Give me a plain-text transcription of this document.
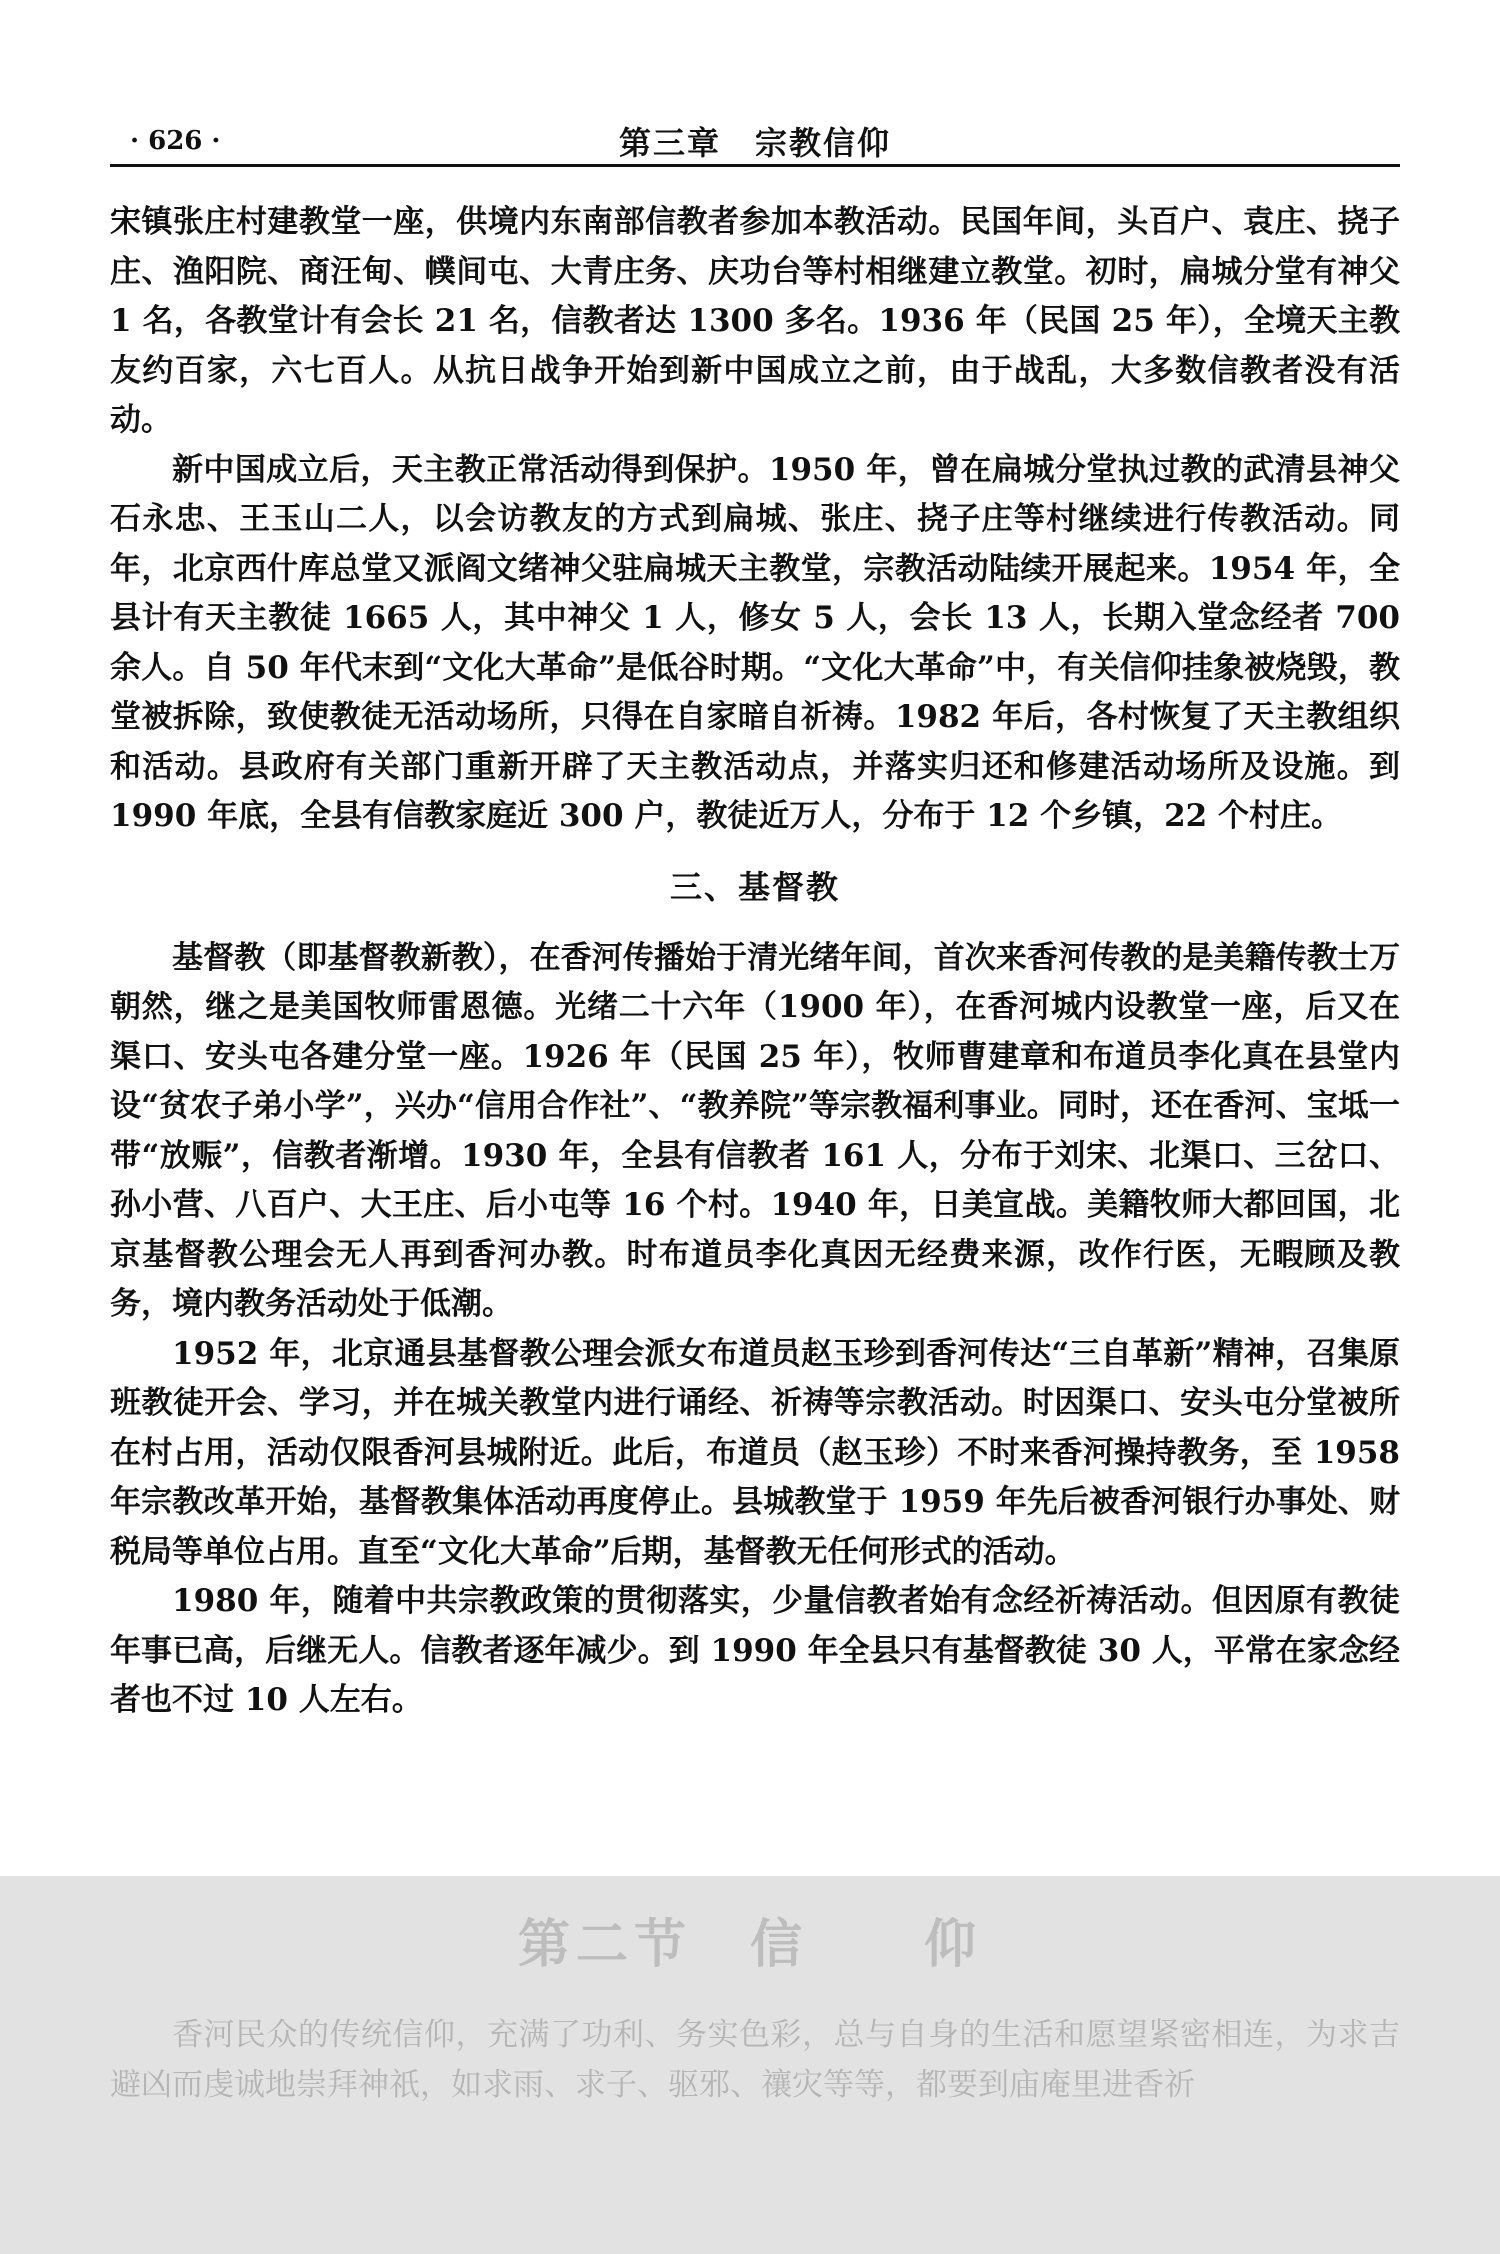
· 626 ·	第三章　宗教信仰

宋镇张庄村建教堂一座，供境内东南部信教者参加本教活动。民国年间，头百户、袁庄、挠子庄、渔阳院、商汪甸、幞间屯、大青庄务、庆功台等村相继建立教堂。初时，扁城分堂有神父 1 名，各教堂计有会长 21 名，信教者达 1300 多名。1936 年（民国 25 年），全境天主教友约百家，六七百人。从抗日战争开始到新中国成立之前，由于战乱，大多数信教者没有活动。

新中国成立后，天主教正常活动得到保护。1950 年，曾在扁城分堂执过教的武清县神父石永忠、王玉山二人，以会访教友的方式到扁城、张庄、挠子庄等村继续进行传教活动。同年，北京西什库总堂又派阎文绪神父驻扁城天主教堂，宗教活动陆续开展起来。1954 年，全县计有天主教徒 1665 人，其中神父 1 人，修女 5 人，会长 13 人，长期入堂念经者 700 余人。自 50 年代末到“文化大革命”是低谷时期。“文化大革命”中，有关信仰挂象被烧毁，教堂被拆除，致使教徒无活动场所，只得在自家暗自祈祷。1982 年后，各村恢复了天主教组织和活动。县政府有关部门重新开辟了天主教活动点，并落实归还和修建活动场所及设施。到 1990 年底，全县有信教家庭近 300 户，教徒近万人，分布于 12 个乡镇，22 个村庄。

三、基督教

基督教（即基督教新教），在香河传播始于清光绪年间，首次来香河传教的是美籍传教士万朝然，继之是美国牧师雷恩德。光绪二十六年（1900 年），在香河城内设教堂一座，后又在渠口、安头屯各建分堂一座。1926 年（民国 25 年），牧师曹建章和布道员李化真在县堂内设“贫农子弟小学”，兴办“信用合作社”、“教养院”等宗教福利事业。同时，还在香河、宝坻一带“放赈”，信教者渐增。1930 年，全县有信教者 161 人，分布于刘宋、北渠口、三岔口、孙小营、八百户、大王庄、后小屯等 16 个村。1940 年，日美宣战。美籍牧师大都回国，北京基督教公理会无人再到香河办教。时布道员李化真因无经费来源，改作行医，无暇顾及教务，境内教务活动处于低潮。

1952 年，北京通县基督教公理会派女布道员赵玉珍到香河传达“三自革新”精神，召集原班教徒开会、学习，并在城关教堂内进行诵经、祈祷等宗教活动。时因渠口、安头屯分堂被所在村占用，活动仅限香河县城附近。此后，布道员（赵玉珍）不时来香河操持教务，至 1958 年宗教改革开始，基督教集体活动再度停止。县城教堂于 1959 年先后被香河银行办事处、财税局等单位占用。直至“文化大革命”后期，基督教无任何形式的活动。

1980 年，随着中共宗教政策的贯彻落实，少量信教者始有念经祈祷活动。但因原有教徒年事已高，后继无人。信教者逐年减少。到 1990 年全县只有基督教徒 30 人，平常在家念经者也不过 10 人左右。

第二节　信　　仰

香河民众的传统信仰，充满了功利、务实色彩，总与自身的生活和愿望紧密相连，为求吉避凶而虔诚地崇拜神祇，如求雨、求子、驱邪、禳灾等等，都要到庙庵里进香祈
